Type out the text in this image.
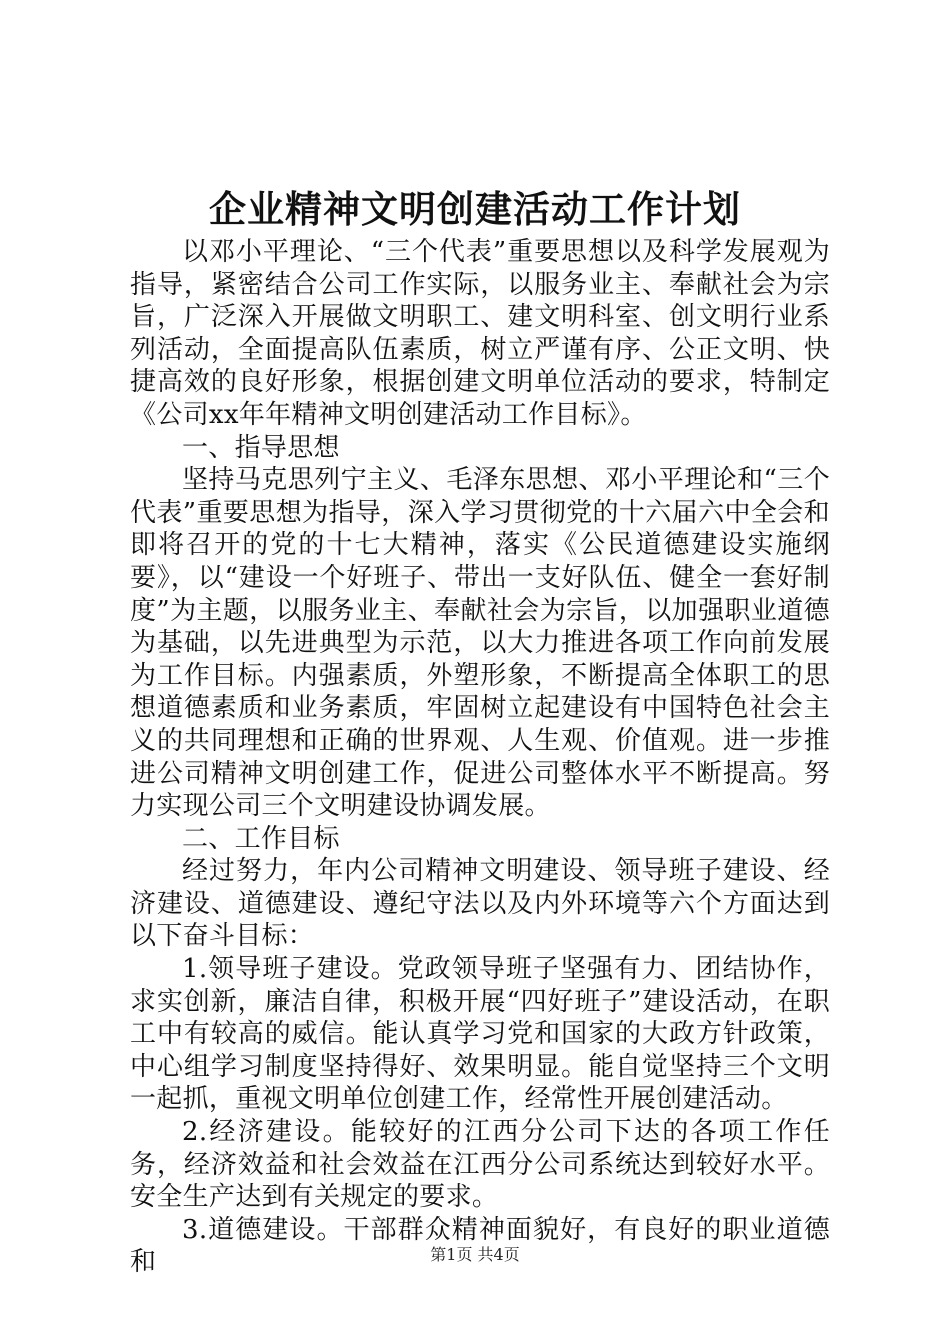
企业精神文明创建活动工作计划

以邓小平理论、“三个代表”重要思想以及科学发展观为指导，紧密结合公司工作实际，以服务业主、奉献社会为宗旨，广泛深入开展做文明职工、建文明科室、创文明行业系列活动，全面提高队伍素质，树立严谨有序、公正文明、快捷高效的良好形象，根据创建文明单位活动的要求，特制定《公司xx年年精神文明创建活动工作目标》。

一、指导思想

坚持马克思列宁主义、毛泽东思想、邓小平理论和“三个代表”重要思想为指导，深入学习贯彻党的十六届六中全会和即将召开的党的十七大精神，落实《公民道德建设实施纲要》，以“建设一个好班子、带出一支好队伍、健全一套好制度”为主题，以服务业主、奉献社会为宗旨，以加强职业道德为基础，以先进典型为示范，以大力推进各项工作向前发展为工作目标。内强素质，外塑形象，不断提高全体职工的思想道德素质和业务素质，牢固树立起建设有中国特色社会主义的共同理想和正确的世界观、人生观、价值观。进一步推进公司精神文明创建工作，促进公司整体水平不断提高。努力实现公司三个文明建设协调发展。

二、工作目标

经过努力，年内公司精神文明建设、领导班子建设、经济建设、道德建设、遵纪守法以及内外环境等六个方面达到以下奋斗目标：

1.领导班子建设。党政领导班子坚强有力、团结协作，求实创新，廉洁自律，积极开展“四好班子”建设活动，在职工中有较高的威信。能认真学习党和国家的大政方针政策，中心组学习制度坚持得好、效果明显。能自觉坚持三个文明一起抓，重视文明单位创建工作，经常性开展创建活动。

2.经济建设。能较好的江西分公司下达的各项工作任务，经济效益和社会效益在江西分公司系统达到较好水平。安全生产达到有关规定的要求。

3.道德建设。干部群众精神面貌好，有良好的职业道德和	第1页 共4页
